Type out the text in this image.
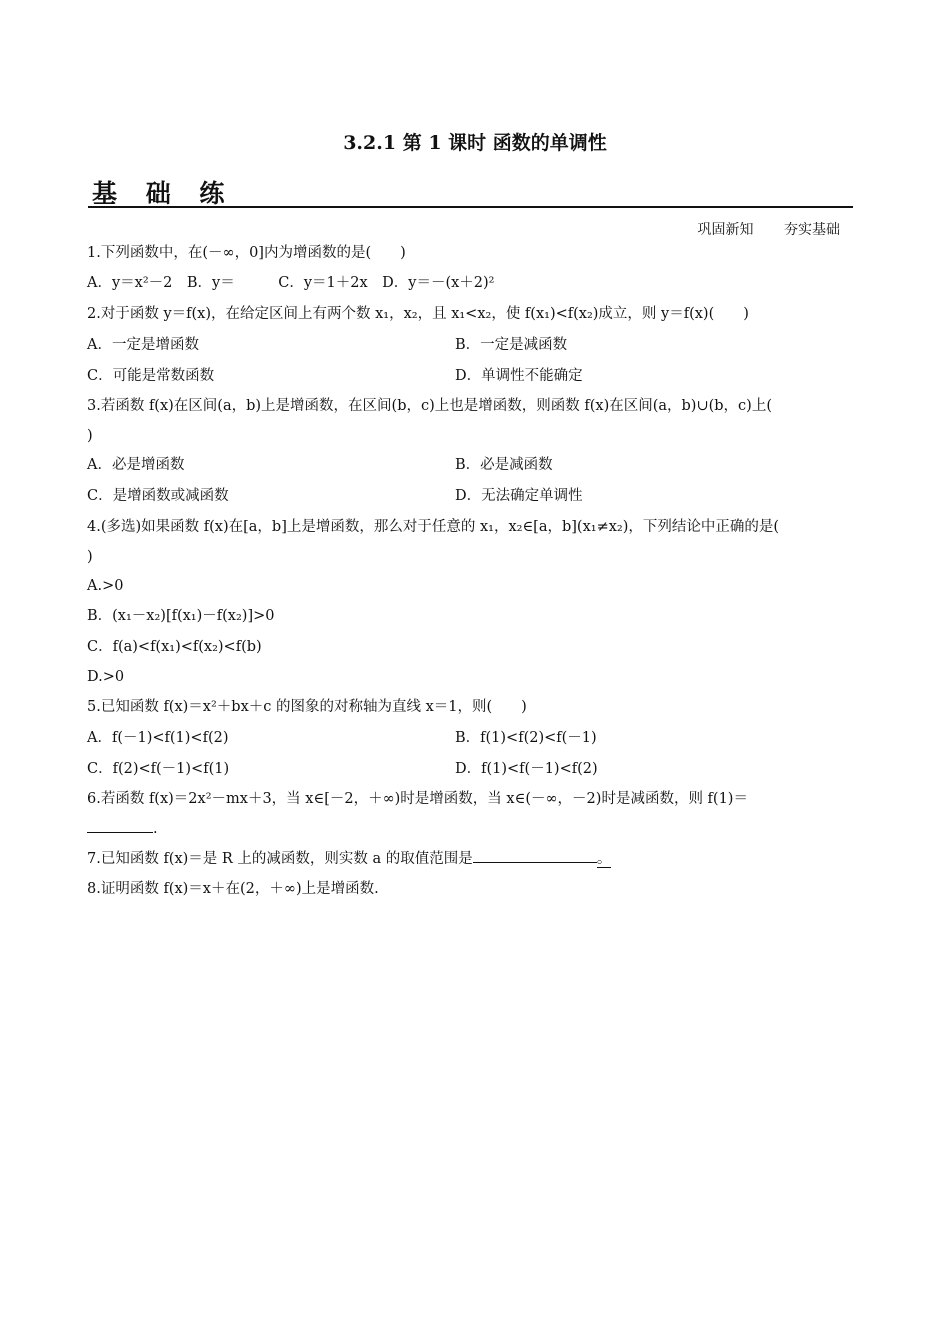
3.2.1 第 1 课时 函数的单调性
基 础 练
巩固新知 夯实基础
1.下列函数中，在(－∞，0]内为增函数的是(　　)
A．y＝x²－2　B．y＝　　　C．y＝1＋2x　D．y＝－(x＋2)²
2.对于函数 y＝f(x)，在给定区间上有两个数 x₁，x₂，且 x₁<x₂，使 f(x₁)<f(x₂)成立，则 y＝f(x)(　　)
A．一定是增函数	B．一定是减函数
C．可能是常数函数	D．单调性不能确定
3.若函数 f(x)在区间(a，b)上是增函数，在区间(b，c)上也是增函数，则函数 f(x)在区间(a，b)∪(b，c)上(
)
A．必是增函数	B．必是减函数
C．是增函数或减函数	D．无法确定单调性
4.(多选)如果函数 f(x)在[a，b]上是增函数，那么对于任意的 x₁，x₂∈[a，b](x₁≠x₂)，下列结论中正确的是(
)
A.>0
B．(x₁－x₂)[f(x₁)－f(x₂)]>0
C．f(a)<f(x₁)<f(x₂)<f(b)
D.>0
5.已知函数 f(x)＝x²＋bx＋c 的图象的对称轴为直线 x＝1，则(　　)
A．f(－1)<f(1)<f(2)	B．f(1)<f(2)<f(－1)
C．f(2)<f(－1)<f(1)	D．f(1)<f(－1)<f(2)
6.若函数 f(x)＝2x²－mx＋3，当 x∈[－2，＋∞)时是增函数，当 x∈(－∞，－2)时是减函数，则 f(1)＝
.
7.已知函数 f(x)＝是 R 上的减函数，则实数 a 的取值范围是	。
8.证明函数 f(x)＝x＋在(2，＋∞)上是增函数.
